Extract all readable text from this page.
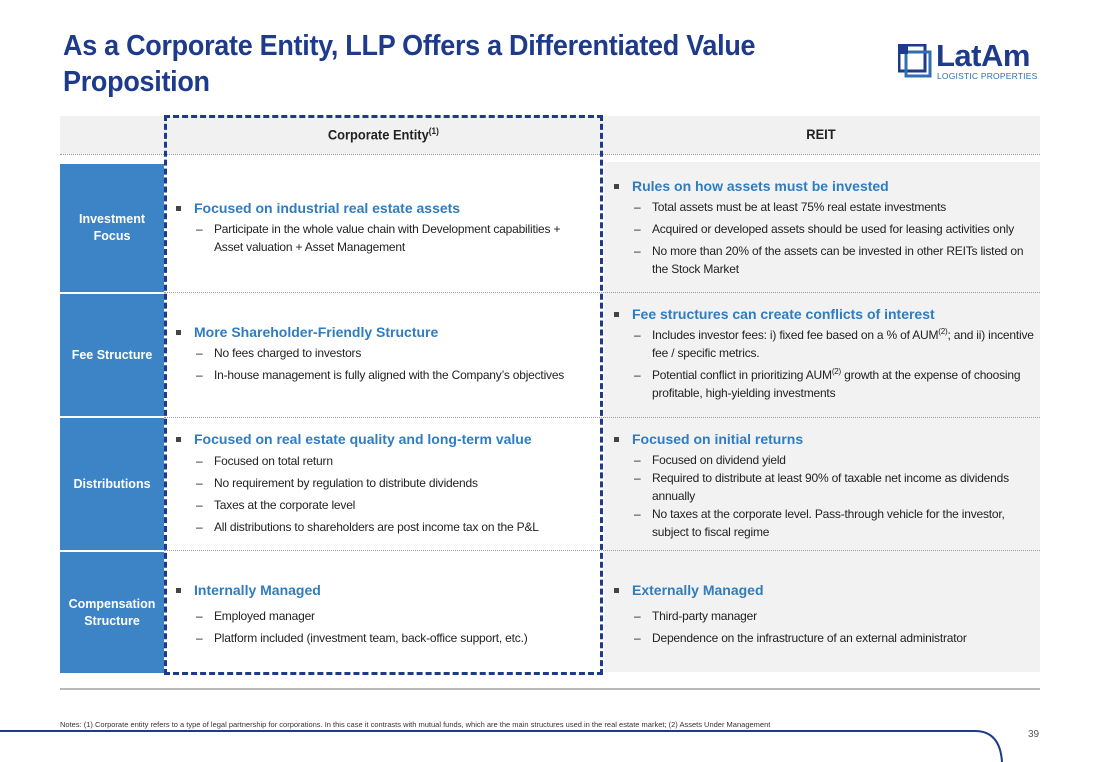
As a Corporate Entity, LLP Offers a Differentiated Value Proposition
LatAm
LOGISTIC PROPERTIES
Corporate Entity$^{(1)}$	REIT
Investment Focus
Fee Structure
Distributions
Compensation Structure
Focused on industrial real estate assets
– Participate in the whole value chain with Development capabilities + Asset valuation + Asset Management
Rules on how assets must be invested
– Total assets must be at least 75% real estate investments
– Acquired or developed assets should be used for leasing activities only
– No more than 20% of the assets can be invested in other REITs listed on the Stock Market
More Shareholder-Friendly Structure
– No fees charged to investors
– In-house management is fully aligned with the Company’s objectives
Fee structures can create conflicts of interest
– Includes investor fees: i) fixed fee based on a % of AUM$^{(2)}$; and ii) incentive fee / specific metrics.
– Potential conflict in prioritizing AUM$^{(2)}$ growth at the expense of choosing profitable, high-yielding investments
Focused on real estate quality and long-term value
– Focused on total return
– No requirement by regulation to distribute dividends
– Taxes at the corporate level
– All distributions to shareholders are post income tax on the P&L
Focused on initial returns
– Focused on dividend yield
– Required to distribute at least 90% of taxable net income as dividends annually
– No taxes at the corporate level. Pass-through vehicle for the investor, subject to fiscal regime
Internally Managed
– Employed manager
– Platform included (investment team, back-office support, etc.)
Externally Managed
– Third-party manager
– Dependence on the infrastructure of an external administrator
Notes: (1) Corporate entity refers to a type of legal partnership for corporations. In this case it contrasts with mutual funds, which are the main structures used in the real estate market; (2) Assets Under Management
39
